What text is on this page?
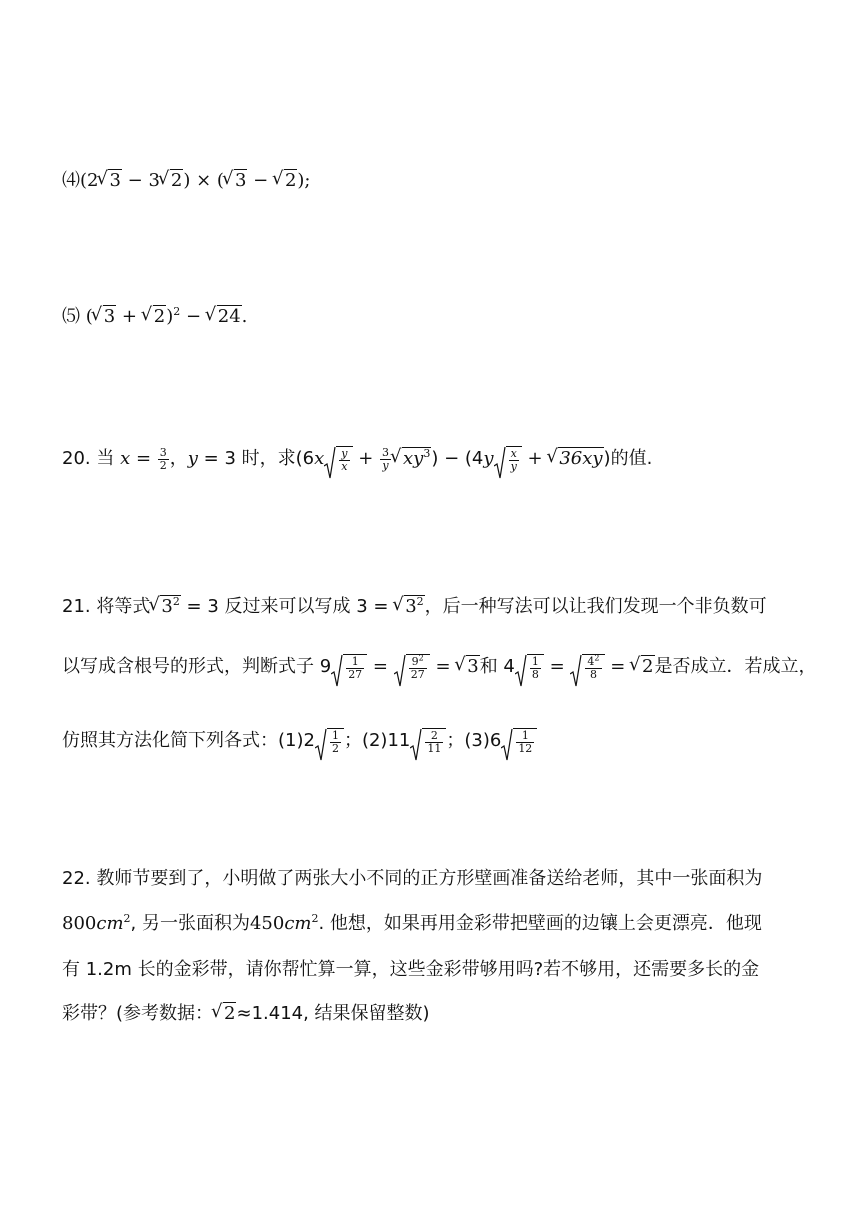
⑷(2 √ 3 − 3 √ 2) × ( √ 3 − √ 2);
⑸ ( √ 3 + √ 2)$^2$ − √ 24.
20. 当 $x = \frac{3}{2}$ ，y = 3 时，求($6x \frac{y}{x} + \frac{3}{y}$ √ $xy^3) - (4y \frac{x}{y}$ + √ 36xy)的值.
21. 将等式 √ $3^2 = 3$ 反过来可以写成 3 = √ $3^2$，后一种写法可以让我们发现一个非负数可
以写成含根号的形式，判断式子 $9 \frac{1}{27} = \frac{9^2}{27}$ = √ 3和 $4 \frac{1}{8} = \frac{4^2}{8}$ = √ 2是否成立．若成立，
仿照其方法化简下列各式：$(1)2 \frac{1}{2}$ ；$(2)11 \frac{2}{11}$ ；$(3)6 \frac{1}{12}$
22. 教师节要到了，小明做了两张大小不同的正方形壁画准备送给老师，其中一张面积为
$800cm^2$, 另一张面积为$450cm^2$. 他想，如果再用金彩带把壁画的边镶上会更漂亮．他现
有 1.2m 长的金彩带，请你帮忙算一算，这些金彩带够用吗?若不够用，还需要多长的金
彩带？(参考数据： √ 2≈1.414, 结果保留整数)
